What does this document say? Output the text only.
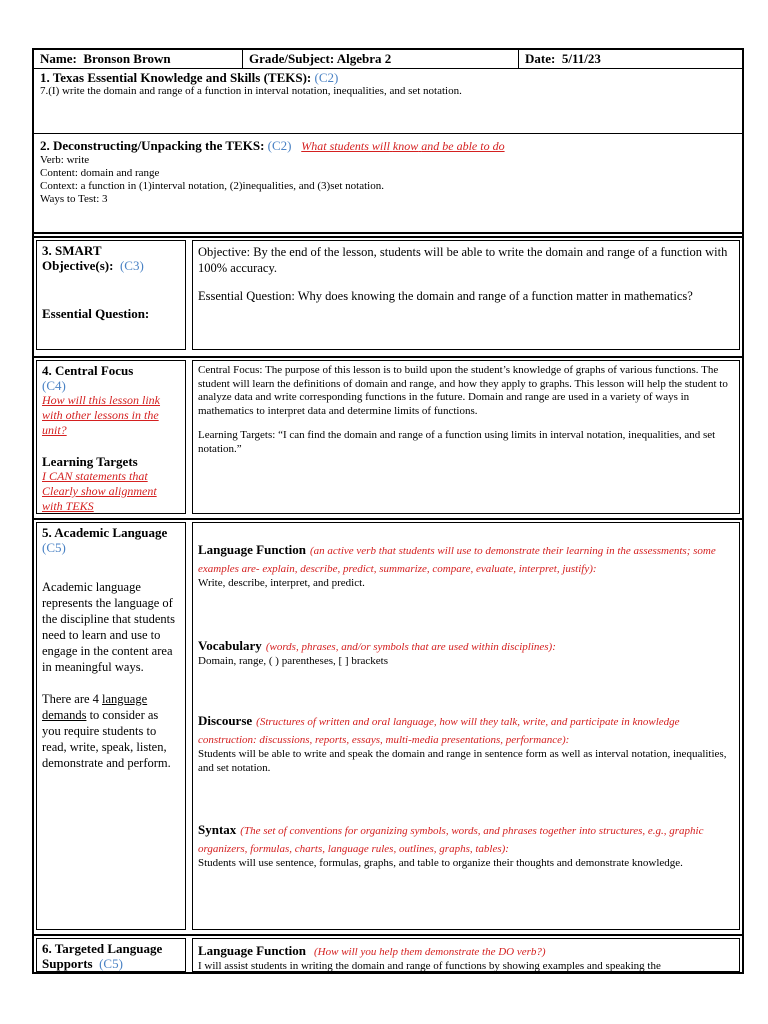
Name: Bronson Brown	Grade/Subject: Algebra 2	Date: 5/11/23
1. Texas Essential Knowledge and Skills (TEKS): (C2)
7.(I) write the domain and range of a function in interval notation, inequalities, and set notation.
2. Deconstructing/Unpacking the TEKS: (C2) What students will know and be able to do
Verb: write
Content: domain and range
Context: a function in (1)interval notation, (2)inequalities, and (3)set notation.
Ways to Test: 3
3. SMART
Objective(s): (C3)
Essential Question:
Objective: By the end of the lesson, students will be able to write the domain and range of a function with 100% accuracy.
Essential Question: Why does knowing the domain and range of a function matter in mathematics?
4. Central Focus
(C4)
How will this lesson link with other lessons in the unit?
Learning Targets
I CAN statements that Clearly show alignment with TEKS
Central Focus: The purpose of this lesson is to build upon the student’s knowledge of graphs of various functions. The student will learn the definitions of domain and range, and how they apply to graphs. This lesson will help the student to analyze data and write corresponding functions in the future. Domain and range are used in a variety of ways in mathematics to interpret data and determine limits of functions.
Learning Targets: “I can find the domain and range of a function using limits in interval notation, inequalities, and set notation.”
5. Academic Language
(C5)
Academic language represents the language of the discipline that students need to learn and use to engage in the content area in meaningful ways.
There are 4 language demands to consider as you require students to read, write, speak, listen, demonstrate and perform.
Language Function (an active verb that students will use to demonstrate their learning in the assessments; some examples are- explain, describe, predict, summarize, compare, evaluate, interpret, justify):
Write, describe, interpret, and predict.
Vocabulary (words, phrases, and/or symbols that are used within disciplines):
Domain, range, ( ) parentheses, [ ] brackets
Discourse (Structures of written and oral language, how will they talk, write, and participate in knowledge construction: discussions, reports, essays, multi-media presentations, performance):
Students will be able to write and speak the domain and range in sentence form as well as interval notation, inequalities, and set notation.
Syntax (The set of conventions for organizing symbols, words, and phrases together into structures, e.g., graphic organizers, formulas, charts, language rules, outlines, graphs, tables):
Students will use sentence, formulas, graphs, and table to organize their thoughts and demonstrate knowledge.
6. Targeted Language
Supports (C5)
Language Function (How will you help them demonstrate the DO verb?)
I will assist students in writing the domain and range of functions by showing examples and speaking the
